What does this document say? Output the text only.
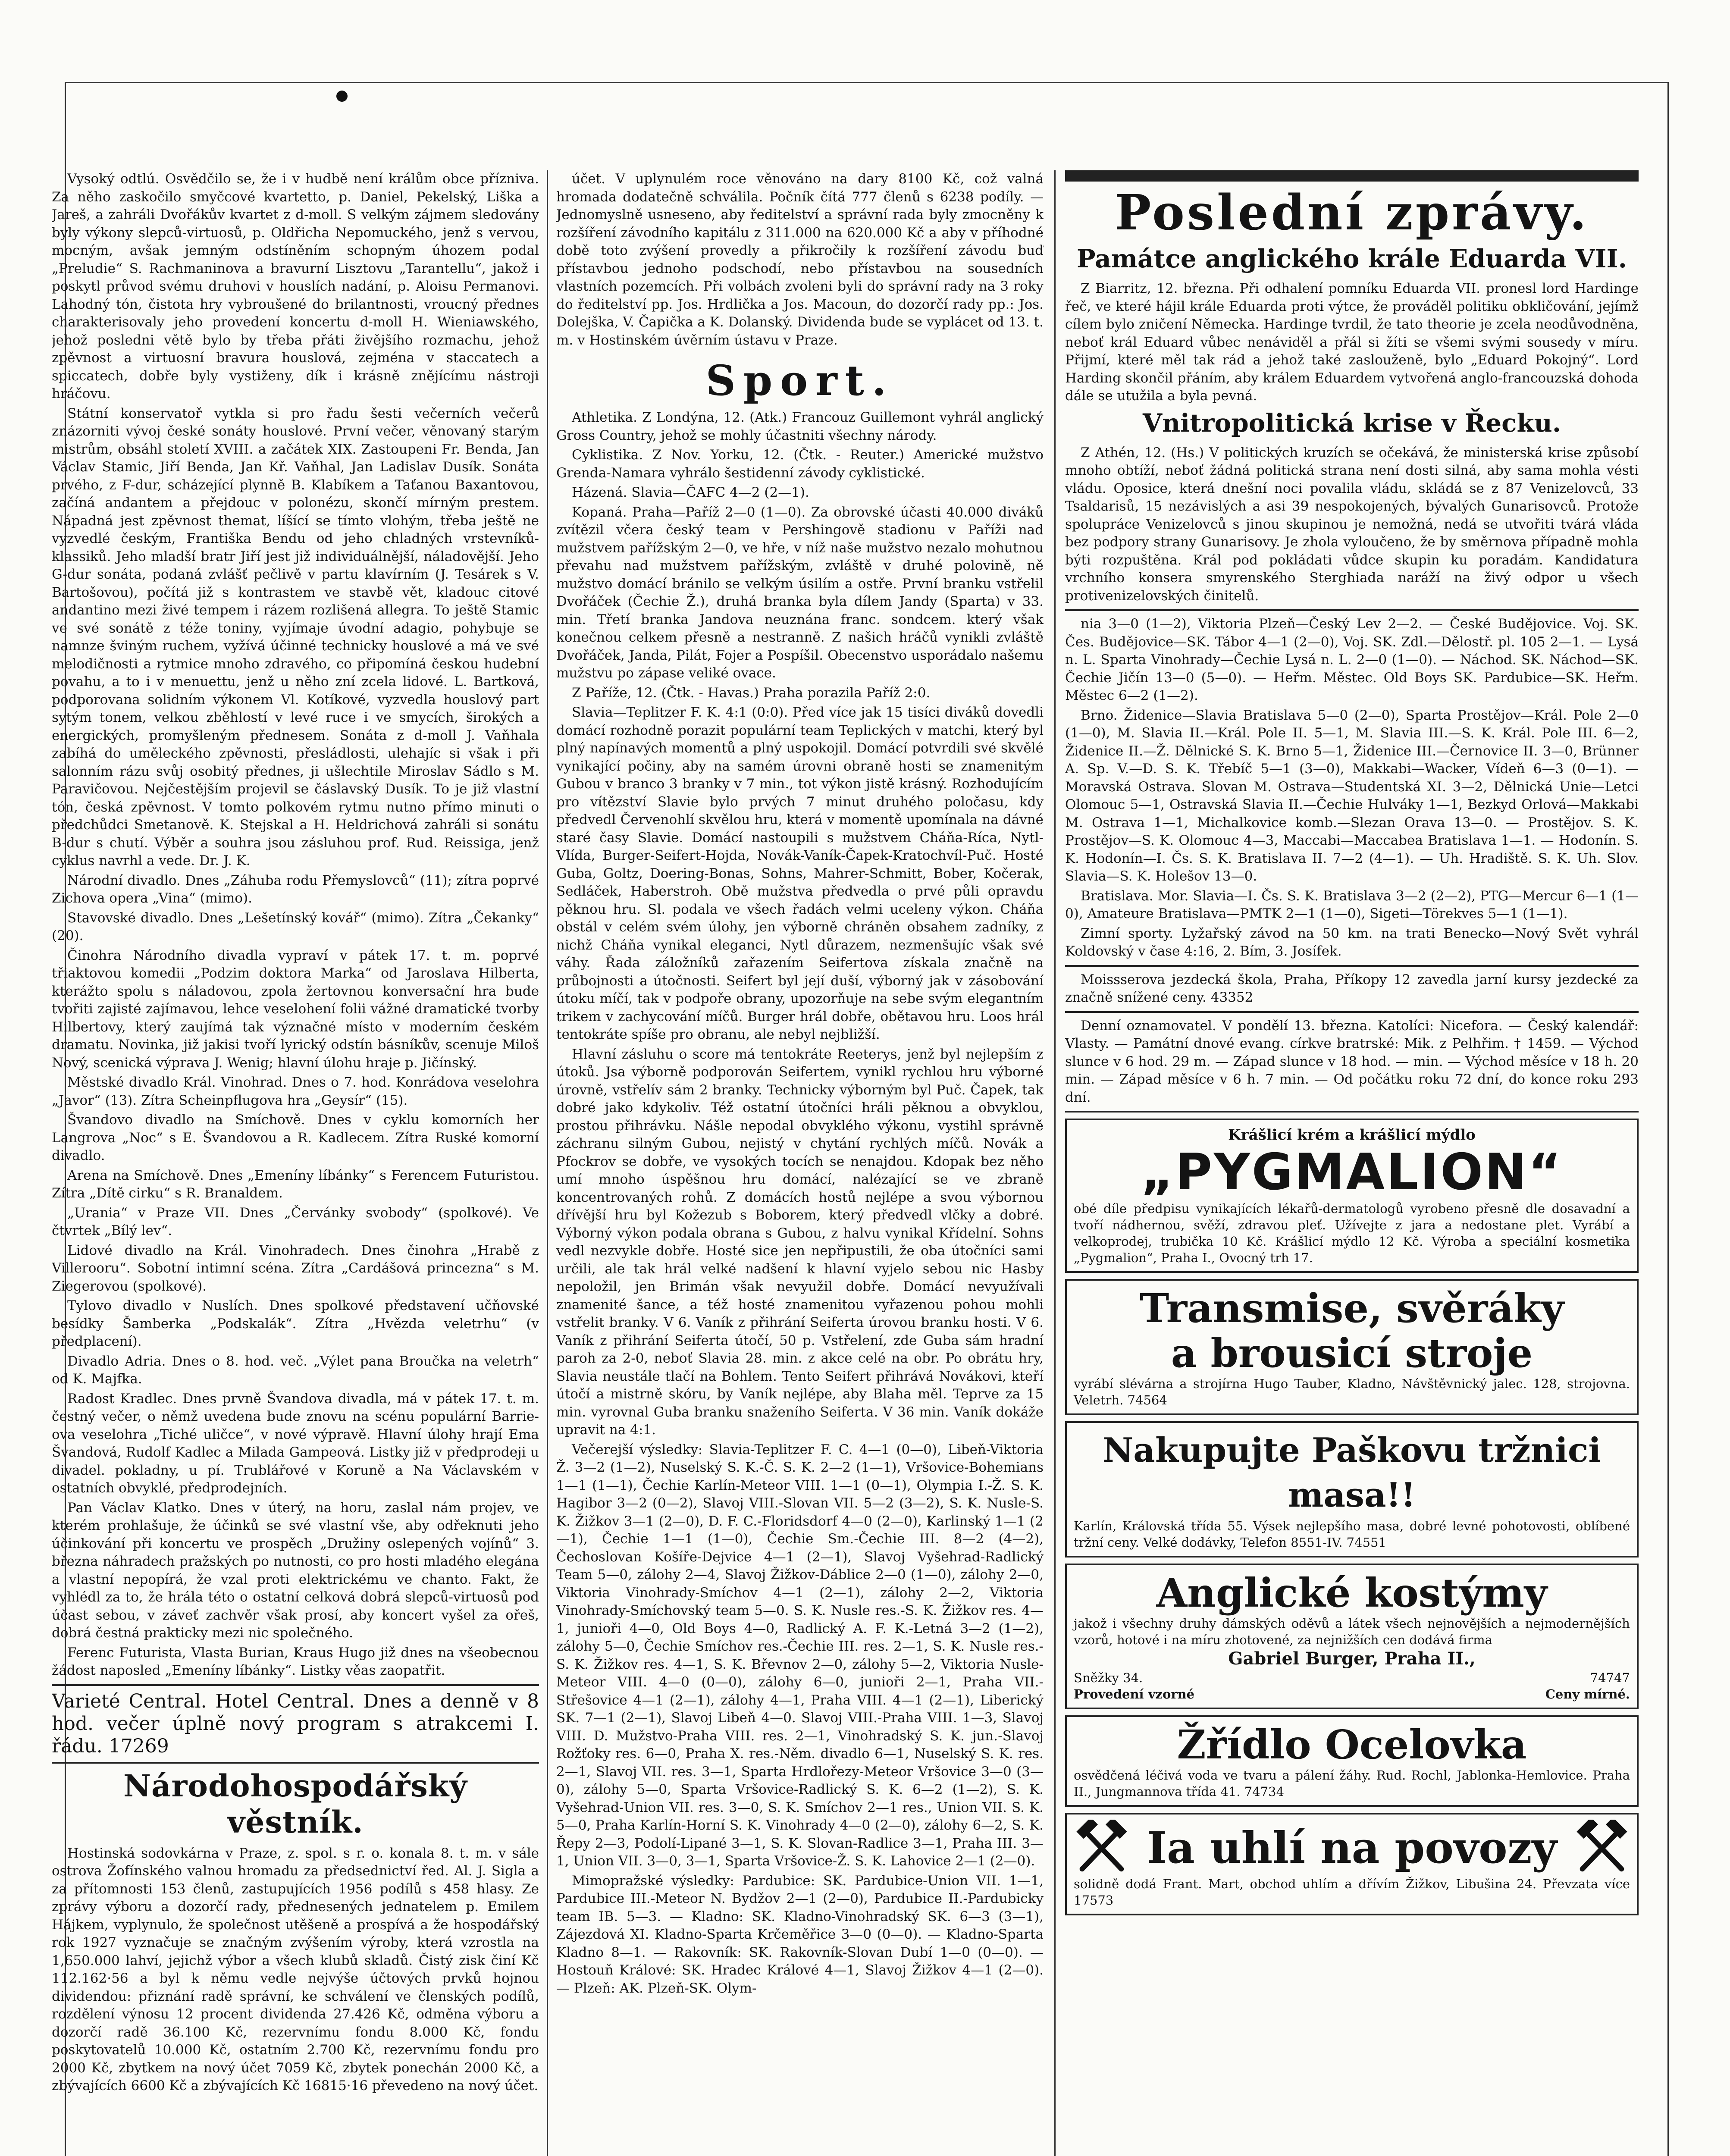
Vysoký odtlú. Osvědčilo se, že i v hudbě není králům obce přízniva. Za něho zaskočilo smyčcové kvartetto, p. Daniel, Pekelský, Liška a Jareš, a zahráli Dvořákův kvartet z d-moll. S velkým zájmem sledovány byly výkony slepců-virtuosů, p. Oldřicha Nepomuckého, jenž s vervou, mocným, avšak jemným odstíněním schopným úhozem podal „Preludie“ S. Rachmaninova a bravurní Lisztovu „Tarantellu“, jakož i poskytl průvod svému druhovi v houslích nadání, p. Aloisu Permanovi. Lahodný tón, čistota hry vybroušené do brilantnosti, vroucný přednes charakterisovaly jeho provedení koncertu d-moll H. Wieniawského, jehož posledni větě bylo by třeba přáti živějšího rozmachu, jehož zpěvnost a virtuosní bravura houslová, zejména v staccatech a spiccatech, dobře byly vystiženy, dík i krásně znějícímu nástroji hráčovu.

Státní konservatoř vytkla si pro řadu šesti večerních večerů znázorniti vývoj české sonáty houslové. První večer, věnovaný starým mistrům, obsáhl století XVIII. a začátek XIX. Zastoupeni Fr. Benda, Jan Václav Stamic, Jiří Benda, Jan Kř. Vaňhal, Jan Ladislav Dusík. Sonáta prvého, z F-dur, scházející plynně B. Klabíkem a Taťanou Baxantovou, začíná andantem a přejdouc v polonézu, skončí mírným prestem. Nápadná jest zpěvnost themat, líšící se tímto vlohým, třeba ještě ne vyzvedlé českým, Františka Bendu od jeho chladných vrstevníků-klassiků. Jeho mladší bratr Jiří jest již individuálnější, náladovější. Jeho G-dur sonáta, podaná zvlášť pečlivě v partu klavírním (J. Tesárek s V. Bartošovou), počítá již s kontrastem ve stavbě vět, kladouc citové andantino mezi živé tempem i rázem rozlišená allegra. To ještě Stamic ve své sonátě z téže toniny, vyjímaje úvodní adagio, pohybuje se namnze šviným ruchem, vyžívá účinné technicky houslové a má ve své melodičnosti a rytmice mnoho zdravého, co připomíná českou hudební povahu, a to i v menuettu, jenž u něho zní zcela lidové. L. Bartková, podporovana solidním výkonem Vl. Kotíkové, vyzvedla houslový part sytým tonem, velkou zběhlostí v levé ruce i ve smycích, širokých a energických, promyšleným přednesem. Sonáta z d-moll J. Vaňhala zabíhá do uměleckého zpěvnosti, přesládlosti, ulehajíc si však i při salonním rázu svůj osobitý přednes, ji ušlechtile Miroslav Sádlo s M. Paravičovou. Nejčestějším projevil se čáslavský Dusík. To je již vlastní tón, česká zpěvnost. V tomto polkovém rytmu nutno přímo minuti o předchůdci Smetanově. K. Stejskal a H. Heldrichová zahráli si sonátu B-dur s chutí. Výběr a souhra jsou zásluhou prof. Rud. Reissiga, jenž cyklus navrhl a vede. Dr. J. K.

Národní divadlo. Dnes „Záhuba rodu Přemyslovců“ (11); zítra poprvé Zichova opera „Vina“ (mimo).

Stavovské divadlo. Dnes „Lešetínský kovář“ (mimo). Zítra „Čekanky“ (20).

Činohra Národního divadla vypraví v pátek 17. t. m. poprvé třiaktovou komedii „Podzim doktora Marka“ od Jaroslava Hilberta, kterážto spolu s náladovou, zpola žertovnou konversační hra bude tvořiti zajisté zajímavou, lehce veselohení folii vážné dramatické tvorby Hilbertovy, který zaujímá tak význačné místo v moderním českém dramatu. Novinka, již jakisi tvoří lyrický odstín básníkův, scenuje Miloš Nový, scenická výprava J. Wenig; hlavní úlohu hraje p. Jičínský.

Městské divadlo Král. Vinohrad. Dnes o 7. hod. Konrádova veselohra „Javor“ (13). Zítra Scheinpflugova hra „Geysír“ (15).

Švandovo divadlo na Smíchově. Dnes v cyklu komorních her Langrova „Noc“ s E. Švandovou a R. Kadlecem. Zítra Ruské komorní divadlo.

Arena na Smíchově. Dnes „Emeníny líbánky“ s Ferencem Futuristou. Zítra „Dítě cirku“ s R. Branaldem.

„Urania“ v Praze VII. Dnes „Červánky svobody“ (spolkové). Ve čtvrtek „Bílý lev“.

Lidové divadlo na Král. Vinohradech. Dnes činohra „Hrabě z Villerooru“. Sobotní intimní scéna. Zítra „Cardášová princezna“ s M. Ziegerovou (spolkové).

Tylovo divadlo v Nuslích. Dnes spolkové představení učňovské besídky Šamberka „Podskalák“. Zítra „Hvězda veletrhu“ (v předplacení).

Divadlo Adria. Dnes o 8. hod. več. „Výlet pana Broučka na veletrh“ od K. Majfka.

Radost Kradlec. Dnes prvně Švandova divadla, má v pátek 17. t. m. čestný večer, o němž uvedena bude znovu na scénu populární Barrie-ova veselohra „Tiché uličce“, v nové výpravě. Hlavní úlohy hrají Ema Švandová, Rudolf Kadlec a Milada Gampeová. Listky již v předprodeji u divadel. pokladny, u pí. Trublářové v Koruně a Na Václavském v ostatních obvyklé, předprodejních.

Pan Václav Klatko. Dnes v úterý, na horu, zaslal nám projev, ve kterém prohlašuje, že účinků se své vlastní vše, aby odřeknuti jeho účinkování při koncertu ve prospěch „Družiny oslepených vojínů“ 3. března náhradech pražských po nutnosti, co pro hosti mladého elegána a vlastní nepopírá, že vzal proti elektrickému ve chanto. Fakt, že vyhlédl za to, že hrála této o ostatní celková dobrá slepců-virtuosů pod účast sebou, v záveť zachvěr však prosí, aby koncert vyšel za ořeš, dobrá čestná prakticky mezi nic společného.

Ferenc Futurista, Vlasta Burian, Kraus Hugo již dnes na všeobecnou žádost naposled „Emeníny líbánky“. Listky věas zaopatřit.

Varieté Central. Hotel Central. Dnes a denně v 8 hod. večer úplně nový program s atrakcemi I. řádu. 17269

Národohospodářský věstník.

Hostinská sodovkárna v Praze, z. spol. s r. o. konala 8. t. m. v sále ostrova Žofínského valnou hromadu za předsednictví řed. Al. J. Sigla a za přítomnosti 153 členů, zastupujících 1956 podílů s 458 hlasy. Ze zprávy výboru a dozorčí rady, přednesených jednatelem p. Emilem Hájkem, vyplynulo, že společnost utěšeně a prospívá a že hospodářský rok 1927 vyznačuje se značným zvýšením výroby, která vzrostla na 1,650.000 lahví, jejichž výbor a všech klubů skladů. Čistý zisk činí Kč 112.162·56 a byl k němu vedle nejvýše účtových prvků hojnou dividendou: přiznání radě správní, ke schválení ve členských podílů, rozdělení výnosu 12 procent dividenda 27.426 Kč, odměna výboru a dozorčí radě 36.100 Kč, rezervnímu fondu 8.000 Kč, fondu poskytovatelů 10.000 Kč, ostatním 2.700 Kč, rezervnímu fondu pro 2000 Kč, zbytkem na nový účet 7059 Kč, zbytek ponechán 2000 Kč, a zbývajících 6600 Kč a zbývajících Kč 16815·16 převedeno na nový účet.

účet. V uplynulém roce věnováno na dary 8100 Kč, což valná hromada dodatečně schválila. Počník čítá 777 členů s 6238 podíly. — Jednomyslně usneseno, aby ředitelství a správní rada byly zmocněny k rozšíření závodního kapitálu z 311.000 na 620.000 Kč a aby v příhodné době toto zvýšení provedly a přikročily k rozšíření závodu buď přístavbou jednoho podschodí, nebo přístavbou na sousedních vlastních pozemcích. Při volbách zvoleni byli do správní rady na 3 roky do ředitelství pp. Jos. Hrdlička a Jos. Macoun, do dozorčí rady pp.: Jos. Dolejška, V. Čapička a K. Dolanský. Dividenda bude se vyplácet od 13. t. m. v Hostinském úvěrním ústavu v Praze.

Sport.

Athletika. Z Londýna, 12. (Atk.) Francouz Guillemont vyhrál anglický Gross Country, jehož se mohly účastniti všechny národy.

Cyklistika. Z Nov. Yorku, 12. (Čtk. - Reuter.) Americké mužstvo Grenda-Namara vyhrálo šestidenní závody cyklistické.

Házená. Slavia—ČAFC 4—2 (2—1).

Kopaná. Praha—Paříž 2—0 (1—0). Za obrovské účasti 40.000 diváků zvítězil včera český team v Pershingově stadionu v Paříži nad mužstvem pařížským 2—0, ve hře, v níž naše mužstvo nezalo mohutnou převahu nad mužstvem pařížským, zvláště v druhé polovině, ně mužstvo domácí bránilo se velkým úsilím a ostře. První branku vstřelil Dvořáček (Čechie Ž.), druhá branka byla dílem Jandy (Sparta) v 33. min. Třetí branka Jandova neuznána franc. sondcem. který však konečnou celkem přesně a nestranně. Z našich hráčů vynikli zvláště Dvořáček, Janda, Pilát, Fojer a Pospíšil. Obecenstvo usporádalo našemu mužstvu po zápase veliké ovace.

Z Paříže, 12. (Čtk. - Havas.) Praha porazila Paříž 2:0.

Slavia—Teplitzer F. K. 4:1 (0:0). Před více jak 15 tisíci diváků dovedli domácí rozhodně porazit populární team Teplických v matchi, který byl plný napínavých momentů a plný uspokojil. Domácí potvrdili své skvělé vynikající počiny, aby na samém úrovni obraně hosti se znamenitým Gubou v branco 3 branky v 7 min., tot výkon jistě krásný. Rozhodujícím pro vítězství Slavie bylo prvých 7 minut druhého poločasu, kdy předvedl Červenohlí skvělou hru, která v momentě upomínala na dávné staré časy Slavie. Domácí nastoupili s mužstvem Cháňa-Ríca, Nytl-Vlída, Burger-Seifert-Hojda, Novák-Vaník-Čapek-Kratochvíl-Puč. Hosté Guba, Goltz, Doering-Bonas, Sohns, Mahrer-Schmitt, Bober, Kočerak, Sedláček, Haberstroh. Obě mužstva předvedla o prvé půli opravdu pěknou hru. Sl. podala ve všech řadách velmi uceleny výkon. Cháňa obstál v celém svém úlohy, jen výborně chráněn obsahem zadníky, z nichž Cháňa vynikal eleganci, Nytl důrazem, nezmenšujíc však své váhy. Řada záložníků zařazením Seifertova získala značně na průbojnosti a útočnosti. Seifert byl její duší, výborný jak v zásobování útoku míčí, tak v podpoře obrany, upozorňuje na sebe svým elegantním trikem v zachycování míčů. Burger hrál dobře, obětavou hru. Loos hrál tentokráte spíše pro obranu, ale nebyl nejbližší.

Hlavní zásluhu o score má tentokráte Reeterys, jenž byl nejlepším z útoků. Jsa výborně podporován Seifertem, vynikl rychlou hru výborné úrovně, vstřelív sám 2 branky. Technicky výborným byl Puč. Čapek, tak dobré jako kdykoliv. Též ostatní útočníci hráli pěknou a obvyklou, prostou přihrávku. Nášle nepodal obvyklého výkonu, vystihl správně záchranu silným Gubou, nejistý v chytání rychlých míčů. Novák a Pfockrov se dobře, ve vysokých tocích se nenajdou. Kdopak bez něho umí mnoho úspěšnou hru domácí, nalézající se ve zbraně koncentrovaných rohů. Z domácích hostů nejlépe a svou výbornou dřívější hru byl Kožezub s Boborem, který předvedl vlčky a dobré. Výborný výkon podala obrana s Gubou, z halvu vynikal Křídelní. Sohns vedl nezvykle dobře. Hosté sice jen nepřipustili, že oba útočníci sami určili, ale tak hrál velké nadšení k hlavní vyjelo sebou nic Hasby nepoložil, jen Brimán však nevyužil dobře. Domácí nevyužívali znamenité šance, a též hosté znamenitou vyřazenou pohou mohli vstřelit branky. V 6. Vaník z přihrání Seiferta úrovou branku hosti. V 6. Vaník z přihrání Seiferta útočí, 50 p. Vstřelení, zde Guba sám hradní paroh za 2-0, neboť Slavia 28. min. z akce celé na obr. Po obrátu hry, Slavia neustále tlačí na Bohlem. Tento Seifert přihrává Novákovi, kteří útočí a mistrně skóru, by Vaník nejlépe, aby Blaha měl. Teprve za 15 min. vyrovnal Guba branku snaženího Seiferta. V 36 min. Vaník dokáže upravit na 4:1.

Večerejší výsledky: Slavia-Teplitzer F. C. 4—1 (0—0), Libeň-Viktoria Ž. 3—2 (1—2), Nuselský S. K.-Č. S. K. 2—2 (1—1), Vršovice-Bohemians 1—1 (1—1), Čechie Karlín-Meteor VIII. 1—1 (0—1), Olympia I.-Ž. S. K. Hagibor 3—2 (0—2), Slavoj VIII.-Slovan VII. 5—2 (3—2), S. K. Nusle-S. K. Žižkov 3—1 (2—0), D. F. C.-Floridsdorf 4—0 (2—0), Karlinský 1—1 (2—1), Čechie 1—1 (1—0), Čechie Sm.-Čechie III. 8—2 (4—2), Čechoslovan Košíře-Dejvice 4—1 (2—1), Slavoj Vyšehrad-Radlický Team 5—0, zálohy 2—4, Slavoj Žižkov-Dáblice 2—0 (1—0), zálohy 2—0, Viktoria Vinohrady-Smíchov 4—1 (2—1), zálohy 2—2, Viktoria Vinohrady-Smíchovský team 5—0. S. K. Nusle res.-S. K. Žižkov res. 4—1, junioři 4—0, Old Boys 4—0, Radlický A. F. K.-Letná 3—2 (1—2), zálohy 5—0, Čechie Smíchov res.-Čechie III. res. 2—1, S. K. Nusle res.-S. K. Žižkov res. 4—1, S. K. Břevnov 2—0, zálohy 5—2, Viktoria Nusle-Meteor VIII. 4—0 (0—0), zálohy 6—0, junioři 2—1, Praha VII.-Střešovice 4—1 (2—1), zálohy 4—1, Praha VIII. 4—1 (2—1), Liberický SK. 7—1 (2—1), Slavoj Libeň 4—0. Slavoj VIII.-Praha VIII. 1—3, Slavoj VIII. D. Mužstvo-Praha VIII. res. 2—1, Vinohradský S. K. jun.-Slavoj Rožťoky res. 6—0, Praha X. res.-Něm. divadlo 6—1, Nuselský S. K. res. 2—1, Slavoj VII. res. 3—1, Sparta Hrdlořezy-Meteor Vršovice 3—0 (3—0), zálohy 5—0, Sparta Vršovice-Radlický S. K. 6—2 (1—2), S. K. Vyšehrad-Union VII. res. 3—0, S. K. Smíchov 2—1 res., Union VII. S. K. 5—0, Praha Karlín-Horní S. K. Vinohrady 4—0 (2—0), zálohy 6—2, S. K. Řepy 2—3, Podolí-Lipané 3—1, S. K. Slovan-Radlice 3—1, Praha III. 3—1, Union VII. 3—0, 3—1, Sparta Vršovice-Ž. S. K. Lahovice 2—1 (2—0).

Mimopražské výsledky: Pardubice: SK. Pardubice-Union VII. 1—1, Pardubice III.-Meteor N. Bydžov 2—1 (2—0), Pardubice II.-Pardubicky team IB. 5—3. — Kladno: SK. Kladno-Vinohradský SK. 6—3 (3—1), Zájezdová XI. Kladno-Sparta Krčeměřice 3—0 (0—0). — Kladno-Sparta Kladno 8—1. — Rakovník: SK. Rakovník-Slovan Dubí 1—0 (0—0). — Hostouň Králové: SK. Hradec Králové 4—1, Slavoj Žižkov 4—1 (2—0). — Plzeň: AK. Plzeň-SK. Olym-

Poslední zprávy.
Památce anglického krále Eduarda VII.

Z Biarritz, 12. března. Při odhalení pomníku Eduarda VII. pronesl lord Hardinge řeč, ve které hájil krále Eduarda proti výtce, že prováděl politiku obkličování, jejímž cílem bylo zničení Německa. Hardinge tvrdil, že tato theorie je zcela neodůvodněna, neboť král Eduard vůbec nenáviděl a přál si žíti se všemi svými sousedy v míru. Přijmí, které měl tak rád a jehož také zaslouženě, bylo „Eduard Pokojný“. Lord Harding skončil přáním, aby králem Eduardem vytvořená anglo-francouzská dohoda dále se utužila a byla pevná.

Vnitropolitická krise v Řecku.

Z Athén, 12. (Hs.) V politických kruzích se očekává, že ministerská krise způsobí mnoho obtíží, neboť žádná politická strana není dosti silná, aby sama mohla vésti vládu. Oposice, která dnešní noci povalila vládu, skládá se z 87 Venizelovců, 33 Tsaldarisů, 15 nezávislých a asi 39 nespokojených, bývalých Gunarisovců. Protože spolupráce Venizelovců s jinou skupinou je nemožná, nedá se utvořiti tvárá vláda bez podpory strany Gunarisovy. Je zhola vyloučeno, že by směrnova případně mohla býti rozpuštěna. Král pod pokládati vůdce skupin ku poradám. Kandidatura vrchního konsera smyrenského Sterghiada naráží na živý odpor u všech protivenizelovských činitelů.

nia 3—0 (1—2), Viktoria Plzeň—Český Lev 2—2. — České Budějovice. Voj. SK. Čes. Budějovice—SK. Tábor 4—1 (2—0), Voj. SK. Zdl.—Dělostř. pl. 105 2—1. — Lysá n. L. Sparta Vinohrady—Čechie Lysá n. L. 2—0 (1—0). — Náchod. SK. Náchod—SK. Čechie Jičín 13—0 (5—0). — Heřm. Městec. Old Boys SK. Pardubice—SK. Heřm. Městec 6—2 (1—2).

Brno. Židenice—Slavia Bratislava 5—0 (2—0), Sparta Prostějov—Král. Pole 2—0 (1—0), M. Slavia II.—Král. Pole II. 5—1, M. Slavia III.—S. K. Král. Pole III. 6—2, Židenice II.—Ž. Dělnické S. K. Brno 5—1, Židenice III.—Černovice II. 3—0, Brünner A. Sp. V.—D. S. K. Třebíč 5—1 (3—0), Makkabi—Wacker, Vídeň 6—3 (0—1). — Moravská Ostrava. Slovan M. Ostrava—Studentská XI. 3—2, Dělnická Unie—Letci Olomouc 5—1, Ostravská Slavia II.—Čechie Hulváky 1—1, Bezkyd Orlová—Makkabi M. Ostrava 1—1, Michalkovice komb.—Slezan Orava 13—0. — Prostějov. S. K. Prostějov—S. K. Olomouc 4—3, Maccabi—Maccabea Bratislava 1—1. — Hodonín. S. K. Hodonín—I. Čs. S. K. Bratislava II. 7—2 (4—1). — Uh. Hradiště. S. K. Uh. Slov. Slavia—S. K. Holešov 13—0.

Bratislava. Mor. Slavia—I. Čs. S. K. Bratislava 3—2 (2—2), PTG—Mercur 6—1 (1—0), Amateure Bratislava—PMTK 2—1 (1—0), Sigeti—Törekves 5—1 (1—1).

Zimní sporty. Lyžařský závod na 50 km. na trati Benecko—Nový Svět vyhrál Koldovský v čase 4:16, 2. Bím, 3. Josífek.

Moissserova jezdecká škola, Praha, Příkopy 12 zavedla jarní kursy jezdecké za značně snížené ceny. 43352

Denní oznamovatel. V pondělí 13. března. Katolíci: Nicefora. — Český kalendář: Vlasty. — Památní dnové evang. církve bratrské: Mik. z Pelhřim. † 1459. — Východ slunce v 6 hod. 29 m. — Západ slunce v 18 hod. — min. — Východ měsíce v 18 h. 20 min. — Západ měsíce v 6 h. 7 min. — Od počátku roku 72 dní, do konce roku 293 dní.

Krášlicí krém a krášlicí mýdlo
„PYGMALION“
obé díle předpisu vynikajících lékařů-dermatologů vyrobeno přesně dle dosavadní a tvoří nádhernou, svěží, zdravou pleť. Užívejte z jara a nedostane plet. Vyrábí a velkoprodej, trubička 10 Kč. Krášlicí mýdlo 12 Kč. Výroba a speciální kosmetika „Pygmalion“, Praha I., Ovocný trh 17.
Transmise, svěráky
a brousicí stroje
vyrábí slévárna a strojírna Hugo Tauber, Kladno, Návštěvnický jalec. 128, strojovna. Veletrh. 74564
Nakupujte Paškovu tržnici masa!!
Karlín, Královská třída 55. Výsek nejlepšího masa, dobré levné pohotovosti, oblíbené tržní ceny. Velké dodávky, Telefon 8551-IV. 74551
Anglické kostýmy
jakož i všechny druhy dámských oděvů a látek všech nejnovějších a nejmodernějších vzorů, hotové i na míru zhotovené, za nejnižších cen dodává firma
Gabriel Burger, Praha II.,
Sněžky 34.	74747
Provedení vzorné	Ceny mírné.
Žřídlo Ocelovka
osvědčená léčivá voda ve tvaru a pálení žáhy. Rud. Rochl, Jablonka-Hemlovice. Praha II., Jungmannova třída 41. 74734
Ia uhlí na povozy
solidně dodá Frant. Mart, obchod uhlím a dřívím Žižkov, Libušina 24. Převzata více 17573
